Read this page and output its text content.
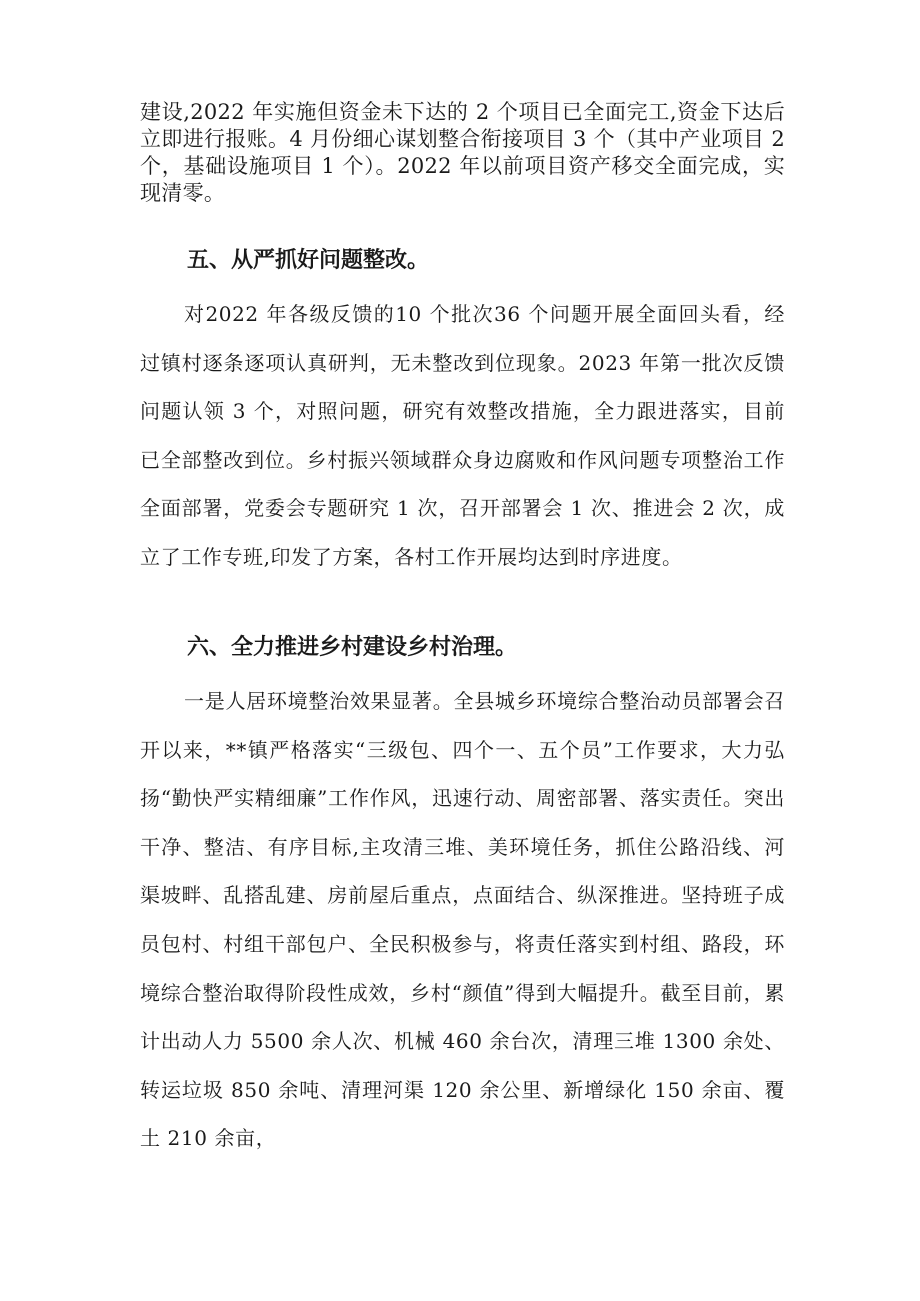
建设,2022 年实施但资金未下达的 2 个项目已全面完工,资金下达后立即进行报账。4 月份细心谋划整合衔接项目 3 个（其中产业项目 2 个，基础设施项目 1 个）。2022 年以前项目资产移交全面完成，实现清零。

五、从严抓好问题整改。

对2022 年各级反馈的10 个批次36 个问题开展全面回头看，经过镇村逐条逐项认真研判，无未整改到位现象。2023 年第一批次反馈问题认领 3 个，对照问题，研究有效整改措施，全力跟进落实，目前已全部整改到位。乡村振兴领域群众身边腐败和作风问题专项整治工作全面部署，党委会专题研究 1 次，召开部署会 1 次、推进会 2 次，成立了工作专班,印发了方案，各村工作开展均达到时序进度。

六、全力推进乡村建设乡村治理。

一是人居环境整治效果显著。全县城乡环境综合整治动员部署会召开以来，**镇严格落实“三级包、四个一、五个员”工作要求，大力弘扬“勤快严实精细廉”工作作风，迅速行动、周密部署、落实责任。突出干净、整洁、有序目标,主攻清三堆、美环境任务，抓住公路沿线、河渠坡畔、乱搭乱建、房前屋后重点，点面结合、纵深推进。坚持班子成员包村、村组干部包户、全民积极参与，将责任落实到村组、路段，环境综合整治取得阶段性成效，乡村“颜值”得到大幅提升。截至目前，累计出动人力 5500 余人次、机械 460 余台次，清理三堆 1300 余处、转运垃圾 850 余吨、清理河渠 120 余公里、新增绿化 150 余亩、覆土 210 余亩，
